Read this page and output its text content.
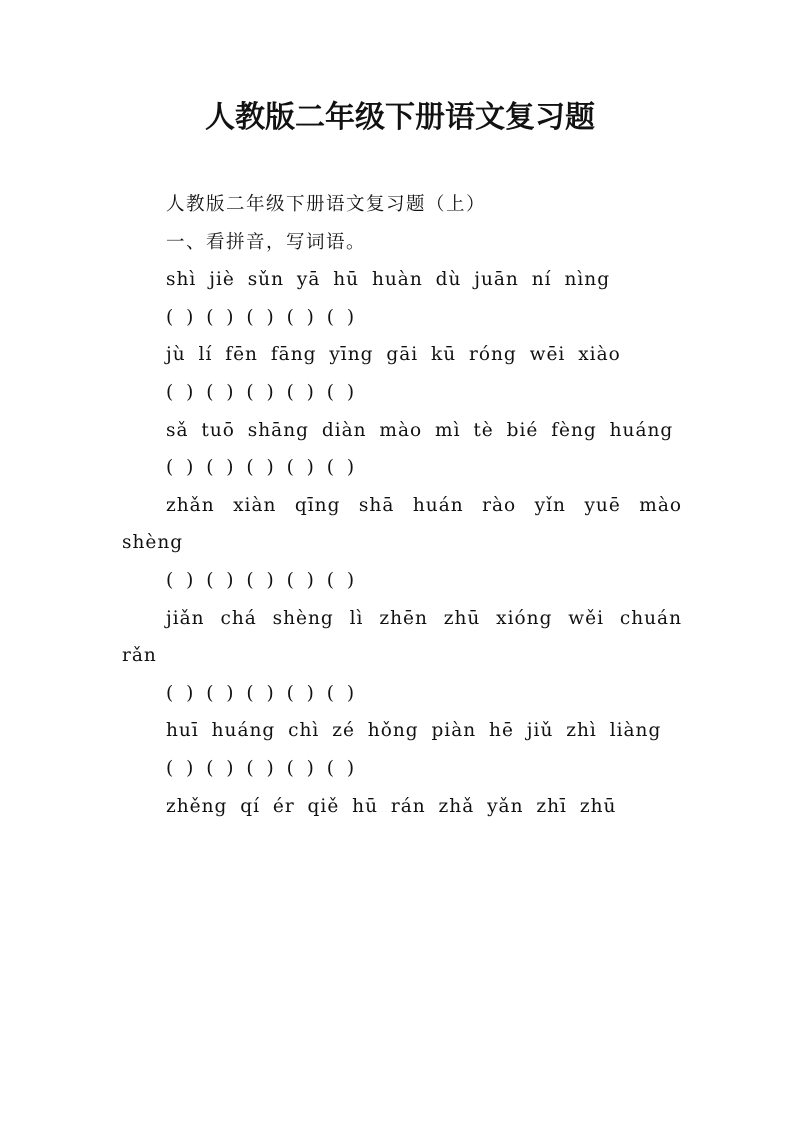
人教版二年级下册语文复习题

人教版二年级下册语文复习题（上）

一、看拼音，写词语。

shì jiè sǔn yā hū huàn dù juān ní nìng

( ) ( ) ( ) ( ) ( )

jù lí fēn fāng yīng gāi kū róng wēi xiào

( ) ( ) ( ) ( ) ( )

sǎ tuō shāng diàn mào mì tè bié fèng huáng

( ) ( ) ( ) ( ) ( )

zhǎn xiàn qīng shā huán rào yǐn yuē mào shèng

( ) ( ) ( ) ( ) ( )

jiǎn chá shèng lì zhēn zhū xióng wěi chuán rǎn

( ) ( ) ( ) ( ) ( )

huī huáng chì zé hǒng piàn hē jiǔ zhì liàng

( ) ( ) ( ) ( ) ( )

zhěng qí ér qiě hū rán zhǎ yǎn zhī zhū
